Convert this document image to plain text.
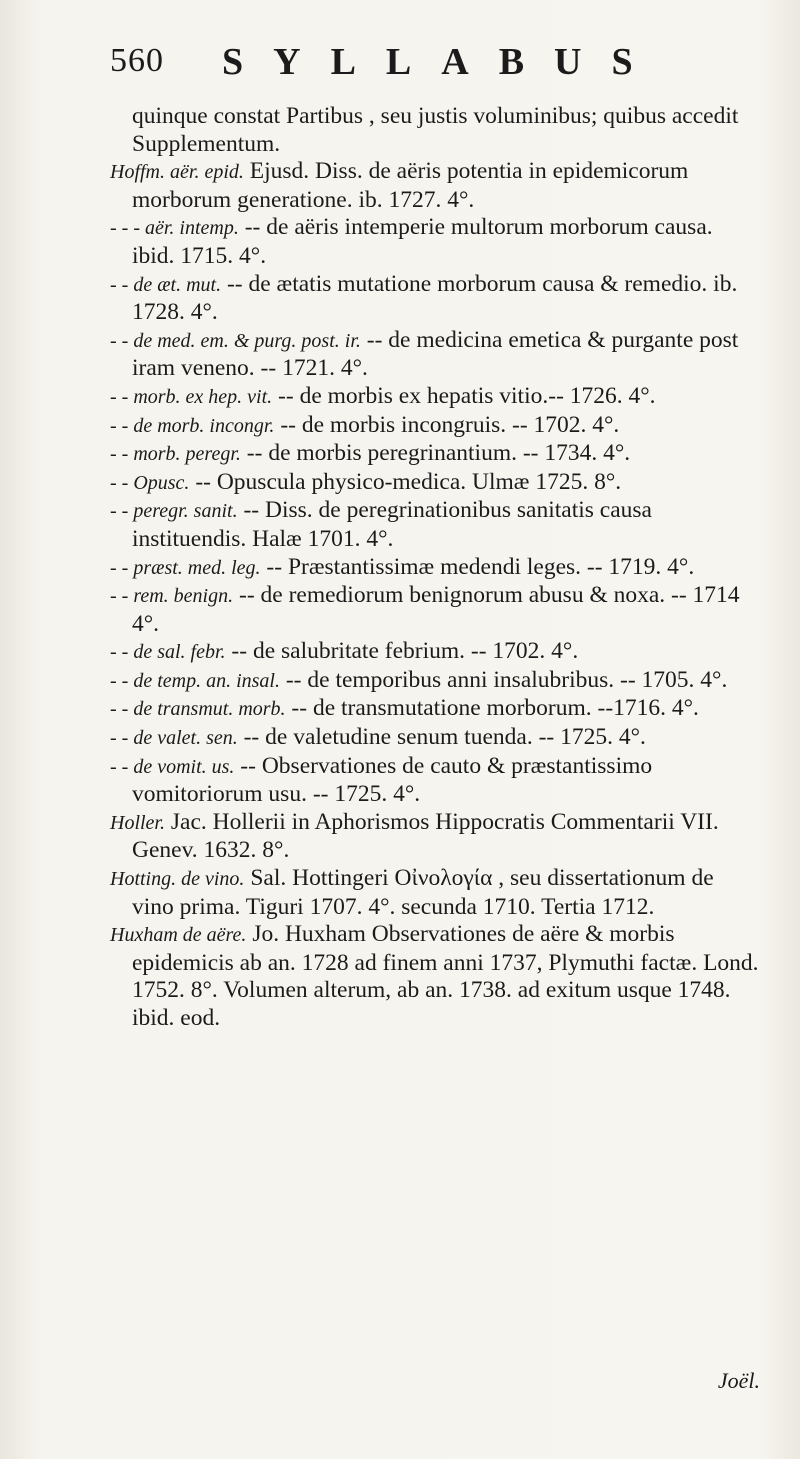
560 SYLLABUS

quinque constat Partibus , seu justis voluminibus; quibus accedit Supplementum.

Hoffm. aër. epid. Ejusd. Diss. de aëris potentia in epidemicorum morborum generatione. ib. 1727. 4°.

- - - aër. intemp. -- de aëris intemperie multorum morborum causa. ibid. 1715. 4°.

- - de æt. mut. -- de ætatis mutatione morborum causa & remedio. ib. 1728. 4°.

- - de med. em. & purg. post. ir. -- de medicina emetica & purgante post iram veneno. -- 1721. 4°.

- - morb. ex hep. vit. -- de morbis ex hepatis vitio.-- 1726. 4°.

- - de morb. incongr. -- de morbis incongruis. -- 1702. 4°.

- - morb. peregr. -- de morbis peregrinantium. -- 1734. 4°.

- - Opusc. -- Opuscula physico-medica. Ulmæ 1725. 8°.

- - peregr. sanit. -- Diss. de peregrinationibus sanitatis causa instituendis. Halæ 1701. 4°.

- - præst. med. leg. -- Præstantissimæ medendi leges. -- 1719. 4°.

- - rem. benign. -- de remediorum benignorum abusu & noxa. -- 1714 4°.

- - de sal. febr. -- de salubritate febrium. -- 1702. 4°.

- - de temp. an. insal. -- de temporibus anni insalubribus. -- 1705. 4°.

- - de transmut. morb. -- de transmutatione morborum. --1716. 4°.

- - de valet. sen. -- de valetudine senum tuenda. -- 1725. 4°.

- - de vomit. us. -- Observationes de cauto & præstantissimo vomitoriorum usu. -- 1725. 4°.

Holler. Jac. Hollerii in Aphorismos Hippocratis Commentarii VII. Genev. 1632. 8°.

Hotting. de vino. Sal. Hottingeri Οἰνολογία , seu dissertationum de vino prima. Tiguri 1707. 4°. secunda 1710. Tertia 1712.

Huxham de aëre. Jo. Huxham Observationes de aëre & morbis epidemicis ab an. 1728 ad finem anni 1737, Plymuthi factæ. Lond. 1752. 8°. Volumen alterum, ab an. 1738. ad exitum usque 1748. ibid. eod.

Joël.
